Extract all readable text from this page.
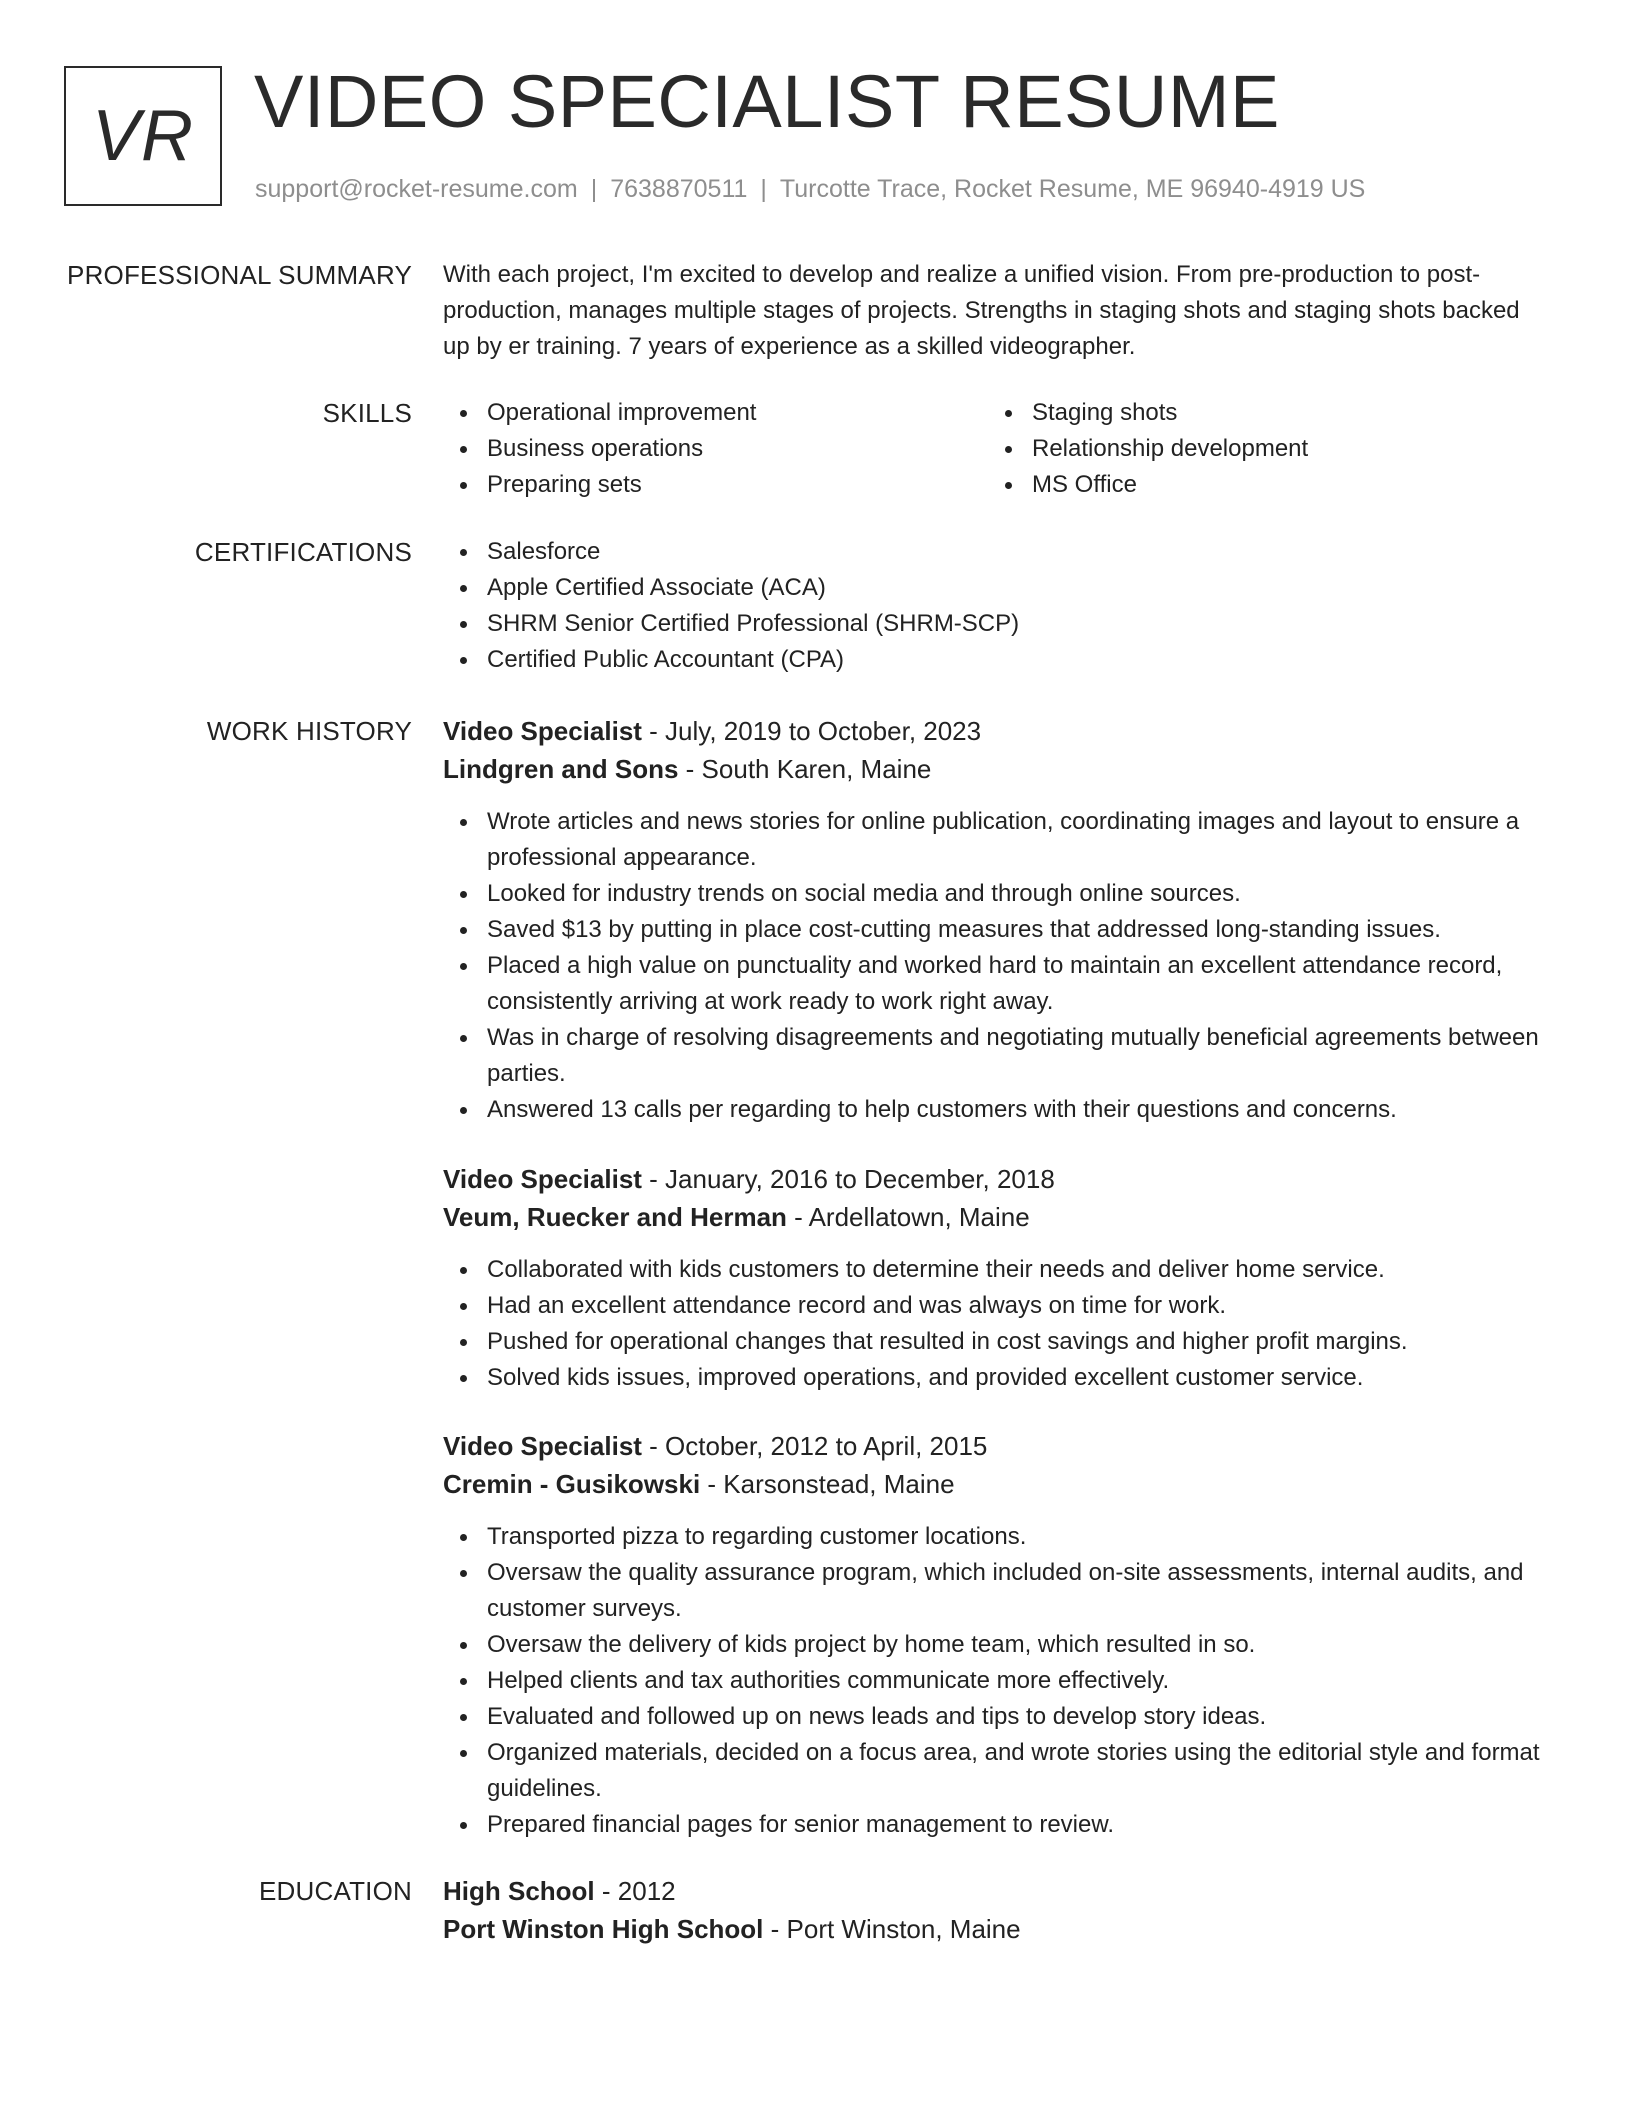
VR VIDEO SPECIALIST RESUME
support@rocket-resume.com | 7638870511 | Turcotte Trace, Rocket Resume, ME 96940-4919 US
PROFESSIONAL SUMMARY With each project, I'm excited to develop and realize a unified vision. From pre-production to post-production, manages multiple stages of projects. Strengths in staging shots and staging shots backed up by er training. 7 years of experience as a skilled videographer.

SKILLS	Operational improvement
Business operations
Preparing sets
Staging shots
Relationship development
MS Office
CERTIFICATIONS	Salesforce
Apple Certified Associate (ACA)
SHRM Senior Certified Professional (SHRM-SCP)
Certified Public Accountant (CPA)
WORK HISTORY Video Specialist - July, 2019 to October, 2023
Lindgren and Sons - South Karen, Maine
Wrote articles and news stories for online publication, coordinating images and layout to ensure a professional appearance.
Looked for industry trends on social media and through online sources.
Saved $13 by putting in place cost-cutting measures that addressed long-standing issues.
Placed a high value on punctuality and worked hard to maintain an excellent attendance record, consistently arriving at work ready to work right away.
Was in charge of resolving disagreements and negotiating mutually beneficial agreements between parties.
Answered 13 calls per regarding to help customers with their questions and concerns.
Video Specialist - January, 2016 to December, 2018
Veum, Ruecker and Herman - Ardellatown, Maine
Collaborated with kids customers to determine their needs and deliver home service.
Had an excellent attendance record and was always on time for work.
Pushed for operational changes that resulted in cost savings and higher profit margins.
Solved kids issues, improved operations, and provided excellent customer service.
Video Specialist - October, 2012 to April, 2015
Cremin - Gusikowski - Karsonstead, Maine
Transported pizza to regarding customer locations.
Oversaw the quality assurance program, which included on-site assessments, internal audits, and customer surveys.
Oversaw the delivery of kids project by home team, which resulted in so.
Helped clients and tax authorities communicate more effectively.
Evaluated and followed up on news leads and tips to develop story ideas.
Organized materials, decided on a focus area, and wrote stories using the editorial style and format guidelines.
Prepared financial pages for senior management to review.
EDUCATION High School - 2012
Port Winston High School - Port Winston, Maine
